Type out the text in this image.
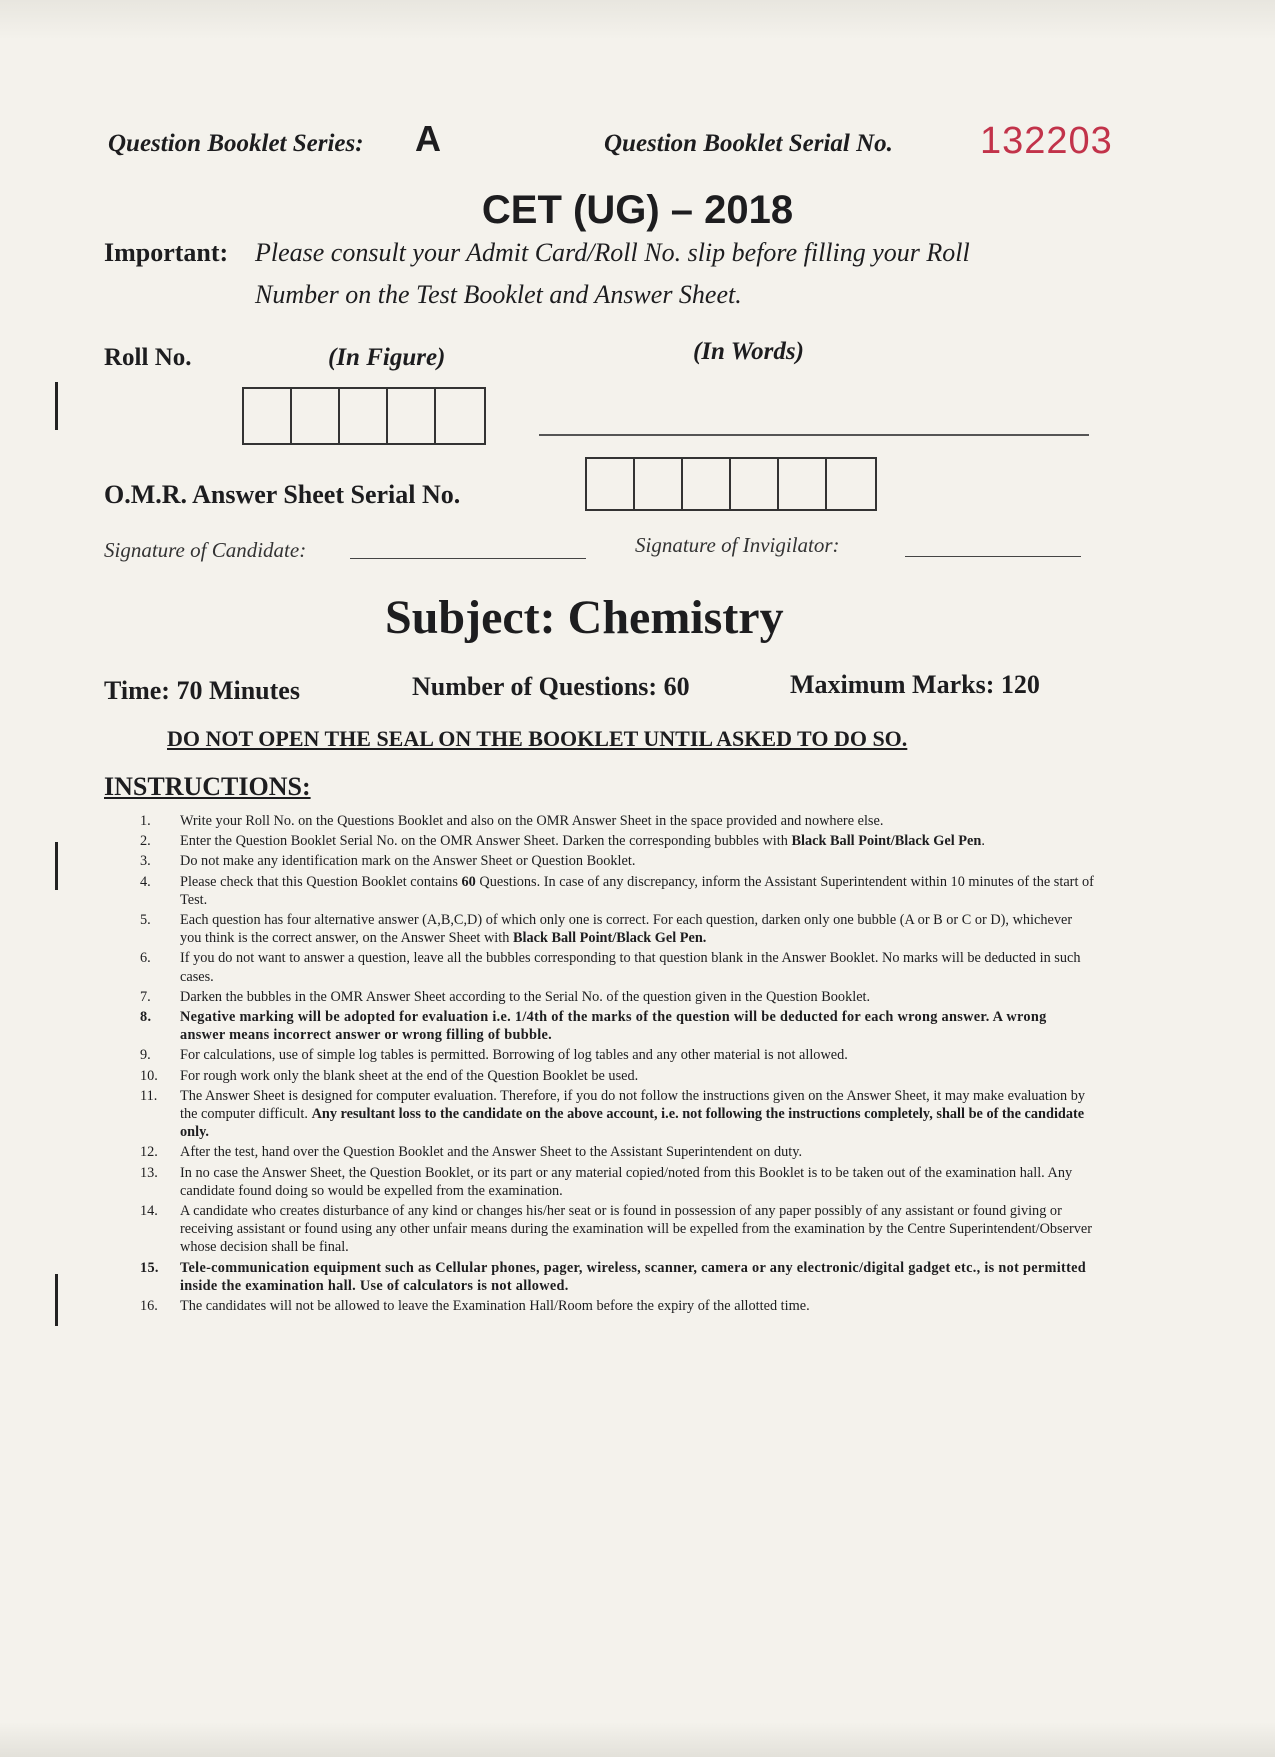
Question Booklet Series: A	Question Booklet Serial No. 132203
CET (UG) – 2018
Important: Please consult your Admit Card/Roll No. slip before filling your Roll
Number on the Test Booklet and Answer Sheet.
Roll No.	(In Figure)	(In Words)
O.M.R. Answer Sheet Serial No.
Signature of Candidate:	Signature of Invigilator:
Subject: Chemistry
Time: 70 Minutes	Number of Questions: 60	Maximum Marks: 120
DO NOT OPEN THE SEAL ON THE BOOKLET UNTIL ASKED TO DO SO.
INSTRUCTIONS:
1.	Write your Roll No. on the Questions Booklet and also on the OMR Answer Sheet in the space provided and nowhere else.
2.	Enter the Question Booklet Serial No. on the OMR Answer Sheet. Darken the corresponding bubbles with Black Ball Point/Black Gel Pen.
3.	Do not make any identification mark on the Answer Sheet or Question Booklet.
4.	Please check that this Question Booklet contains 60 Questions. In case of any discrepancy, inform the Assistant Superintendent within 10 minutes of the start of Test.
5.	Each question has four alternative answer (A,B,C,D) of which only one is correct. For each question, darken only one bubble (A or B or C or D), whichever you think is the correct answer, on the Answer Sheet with Black Ball Point/Black Gel Pen.
6.	If you do not want to answer a question, leave all the bubbles corresponding to that question blank in the Answer Booklet. No marks will be deducted in such cases.
7.	Darken the bubbles in the OMR Answer Sheet according to the Serial No. of the question given in the Question Booklet.
8.	Negative marking will be adopted for evaluation i.e. 1/4th of the marks of the question will be deducted for each wrong answer. A wrong answer means incorrect answer or wrong filling of bubble.
9.	For calculations, use of simple log tables is permitted. Borrowing of log tables and any other material is not allowed.
10.	For rough work only the blank sheet at the end of the Question Booklet be used.
11.	The Answer Sheet is designed for computer evaluation. Therefore, if you do not follow the instructions given on the Answer Sheet, it may make evaluation by the computer difficult. Any resultant loss to the candidate on the above account, i.e. not following the instructions completely, shall be of the candidate only.
12.	After the test, hand over the Question Booklet and the Answer Sheet to the Assistant Superintendent on duty.
13.	In no case the Answer Sheet, the Question Booklet, or its part or any material copied/noted from this Booklet is to be taken out of the examination hall. Any candidate found doing so would be expelled from the examination.
14.	A candidate who creates disturbance of any kind or changes his/her seat or is found in possession of any paper possibly of any assistant or found giving or receiving assistant or found using any other unfair means during the examination will be expelled from the examination by the Centre Superintendent/Observer whose decision shall be final.
15.	Tele-communication equipment such as Cellular phones, pager, wireless, scanner, camera or any electronic/digital gadget etc., is not permitted inside the examination hall. Use of calculators is not allowed.
16.	The candidates will not be allowed to leave the Examination Hall/Room before the expiry of the allotted time.
